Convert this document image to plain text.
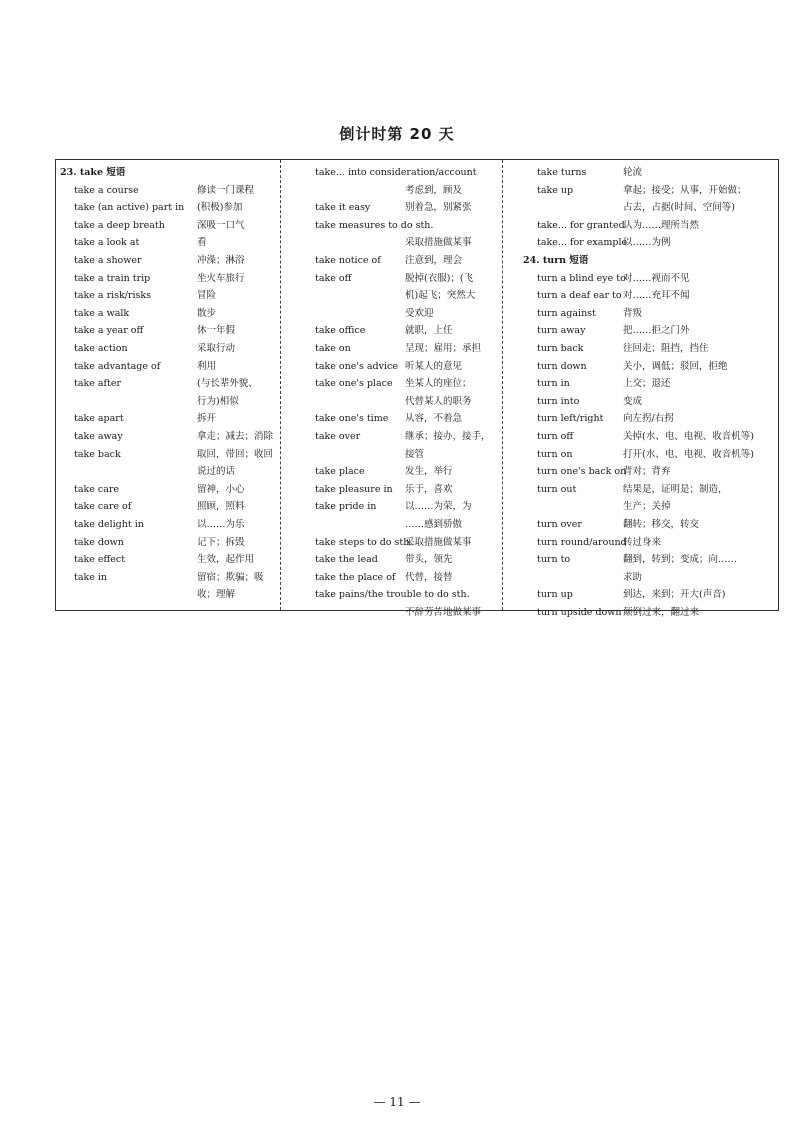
倒计时第 20 天
23. take 短语
take a course	修读一门课程
take (an active) part in (积极)参加
take a deep breath	深吸一口气
take a look at	看
take a shower	冲澡；淋浴
take a train trip	坐火车旅行
take a risk/risks	冒险
take a walk	散步
take a year off	休一年假
take action	采取行动
take advantage of	利用
take after	(与长辈外貌、
行为)相似
take apart	拆开
take away	拿走；减去；消除
take back	取回，带回；收回
说过的话
take care	留神，小心
take care of	照顾，照料
take delight in	以……为乐
take down	记下；拆毁
take effect	生效，起作用
take in	留宿；欺骗；吸
收；理解
take... into consideration/account
考虑到，顾及
take it easy	别着急，别紧张
take measures to do sth.
采取措施做某事
take notice of	注意到，理会
take off	脱掉(衣服)；(飞
机)起飞；突然大
受欢迎
take office	就职，上任
take on	呈现；雇用；承担
take one's advice 听某人的意见
take one's place 坐某人的座位；
代替某人的职务
take one's time 从容，不着急
take over	继承；接办，接手，
接管
take place	发生，举行
take pleasure in 乐于，喜欢
take pride in	以……为荣，为
……感到骄傲
take steps to do sth.
采取措施做某事
take the lead	带头，领先
take the place of 代替，接替
take pains/the trouble to do sth.
不辞劳苦地做某事
take turns	轮流
take up	拿起；接受；从事，开始做；
占去，占据(时间、空间等)
take... for granted
认为……理所当然
take... for example
以……为例
24. turn 短语
turn a blind eye to
对……视而不见
turn a deaf ear to 对……充耳不闻
turn against	背叛
turn away	把……拒之门外
turn back	往回走；阻挡，挡住
turn down	关小，调低；驳回，拒绝
turn in	上交；退还
turn into	变成
turn left/right 向左拐/右拐
turn off	关掉(水、电、电视、收音机等)
turn on	打开(水、电、电视、收音机等)
turn one's back on
背对；背弃
turn out	结果是，证明是；制造，
生产；关掉
turn over	翻转；移交，转交
turn round/around
转过身来
turn to	翻到，转到；变成；向……
求助
turn up	到达，来到；开大(声音)
turn upside down 颠倒过来，翻过来
— 11 —
